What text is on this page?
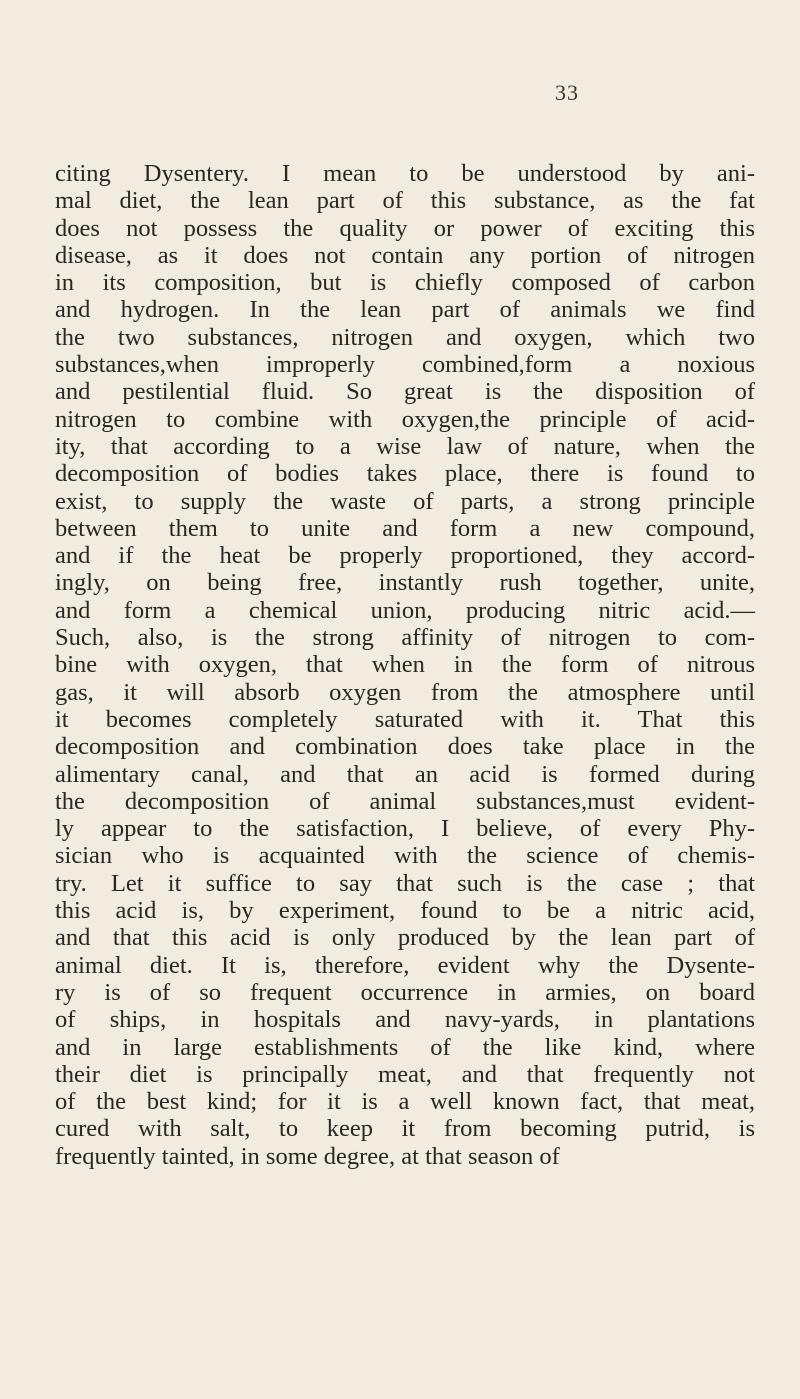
33
citing Dysentery. I mean to be understood by ani-
mal diet, the lean part of this substance, as the fat
does not possess the quality or power of exciting this
disease, as it does not contain any portion of nitrogen
in its composition, but is chiefly composed of carbon
and hydrogen. In the lean part of animals we find
the two substances, nitrogen and oxygen, which two
substances,when improperly combined,form a noxious
and pestilential fluid. So great is the disposition of
nitrogen to combine with oxygen,the principle of acid-
ity, that according to a wise law of nature, when the
decomposition of bodies takes place, there is found to
exist, to supply the waste of parts, a strong principle
between them to unite and form a new compound,
and if the heat be properly proportioned, they accord-
ingly, on being free, instantly rush together, unite,
and form a chemical union, producing nitric acid.—
Such, also, is the strong affinity of nitrogen to com-
bine with oxygen, that when in the form of nitrous
gas, it will absorb oxygen from the atmosphere until
it becomes completely saturated with it. That this
decomposition and combination does take place in the
alimentary canal, and that an acid is formed during
the decomposition of animal substances,must evident-
ly appear to the satisfaction, I believe, of every Phy-
sician who is acquainted with the science of chemis-
try. Let it suffice to say that such is the case ; that
this acid is, by experiment, found to be a nitric acid,
and that this acid is only produced by the lean part of
animal diet. It is, therefore, evident why the Dysente-
ry is of so frequent occurrence in armies, on board
of ships, in hospitals and navy-yards, in plantations
and in large establishments of the like kind, where
their diet is principally meat, and that frequently not
of the best kind; for it is a well known fact, that meat,
cured with salt, to keep it from becoming putrid, is
frequently tainted, in some degree, at that season of
